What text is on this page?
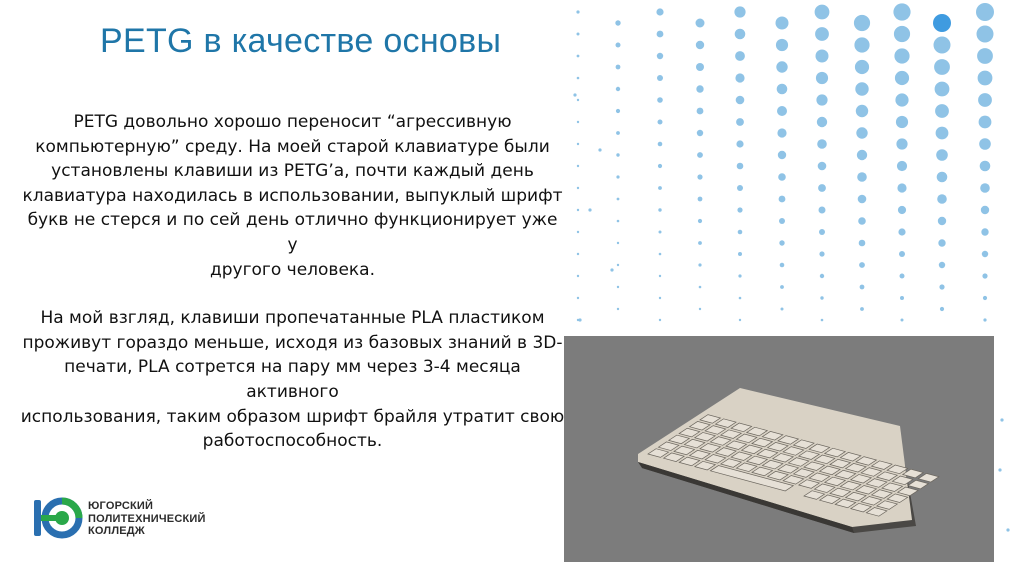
PETG в качестве основы

PETG довольно хорошо переносит “агрессивную

компьютерную” среду. На моей старой клавиатуре были

установлены клавиши из PETG’а, почти каждый день

клавиатура находилась в использовании, выпуклый шрифт

букв не стерся и по сей день отлично функционирует уже у

другого человека.

На мой взгляд, клавиши пропечатанные PLA пластиком

проживут гораздо меньше, исходя из базовых знаний в 3D-

печати, PLA сотрется на пару мм через 3-4 месяца активного

использования, таким образом шрифт брайля утратит свою

работоспособность.

ЮГОРСКИЙ
ПОЛИТЕХНИЧЕСКИЙ
КОЛЛЕДЖ
